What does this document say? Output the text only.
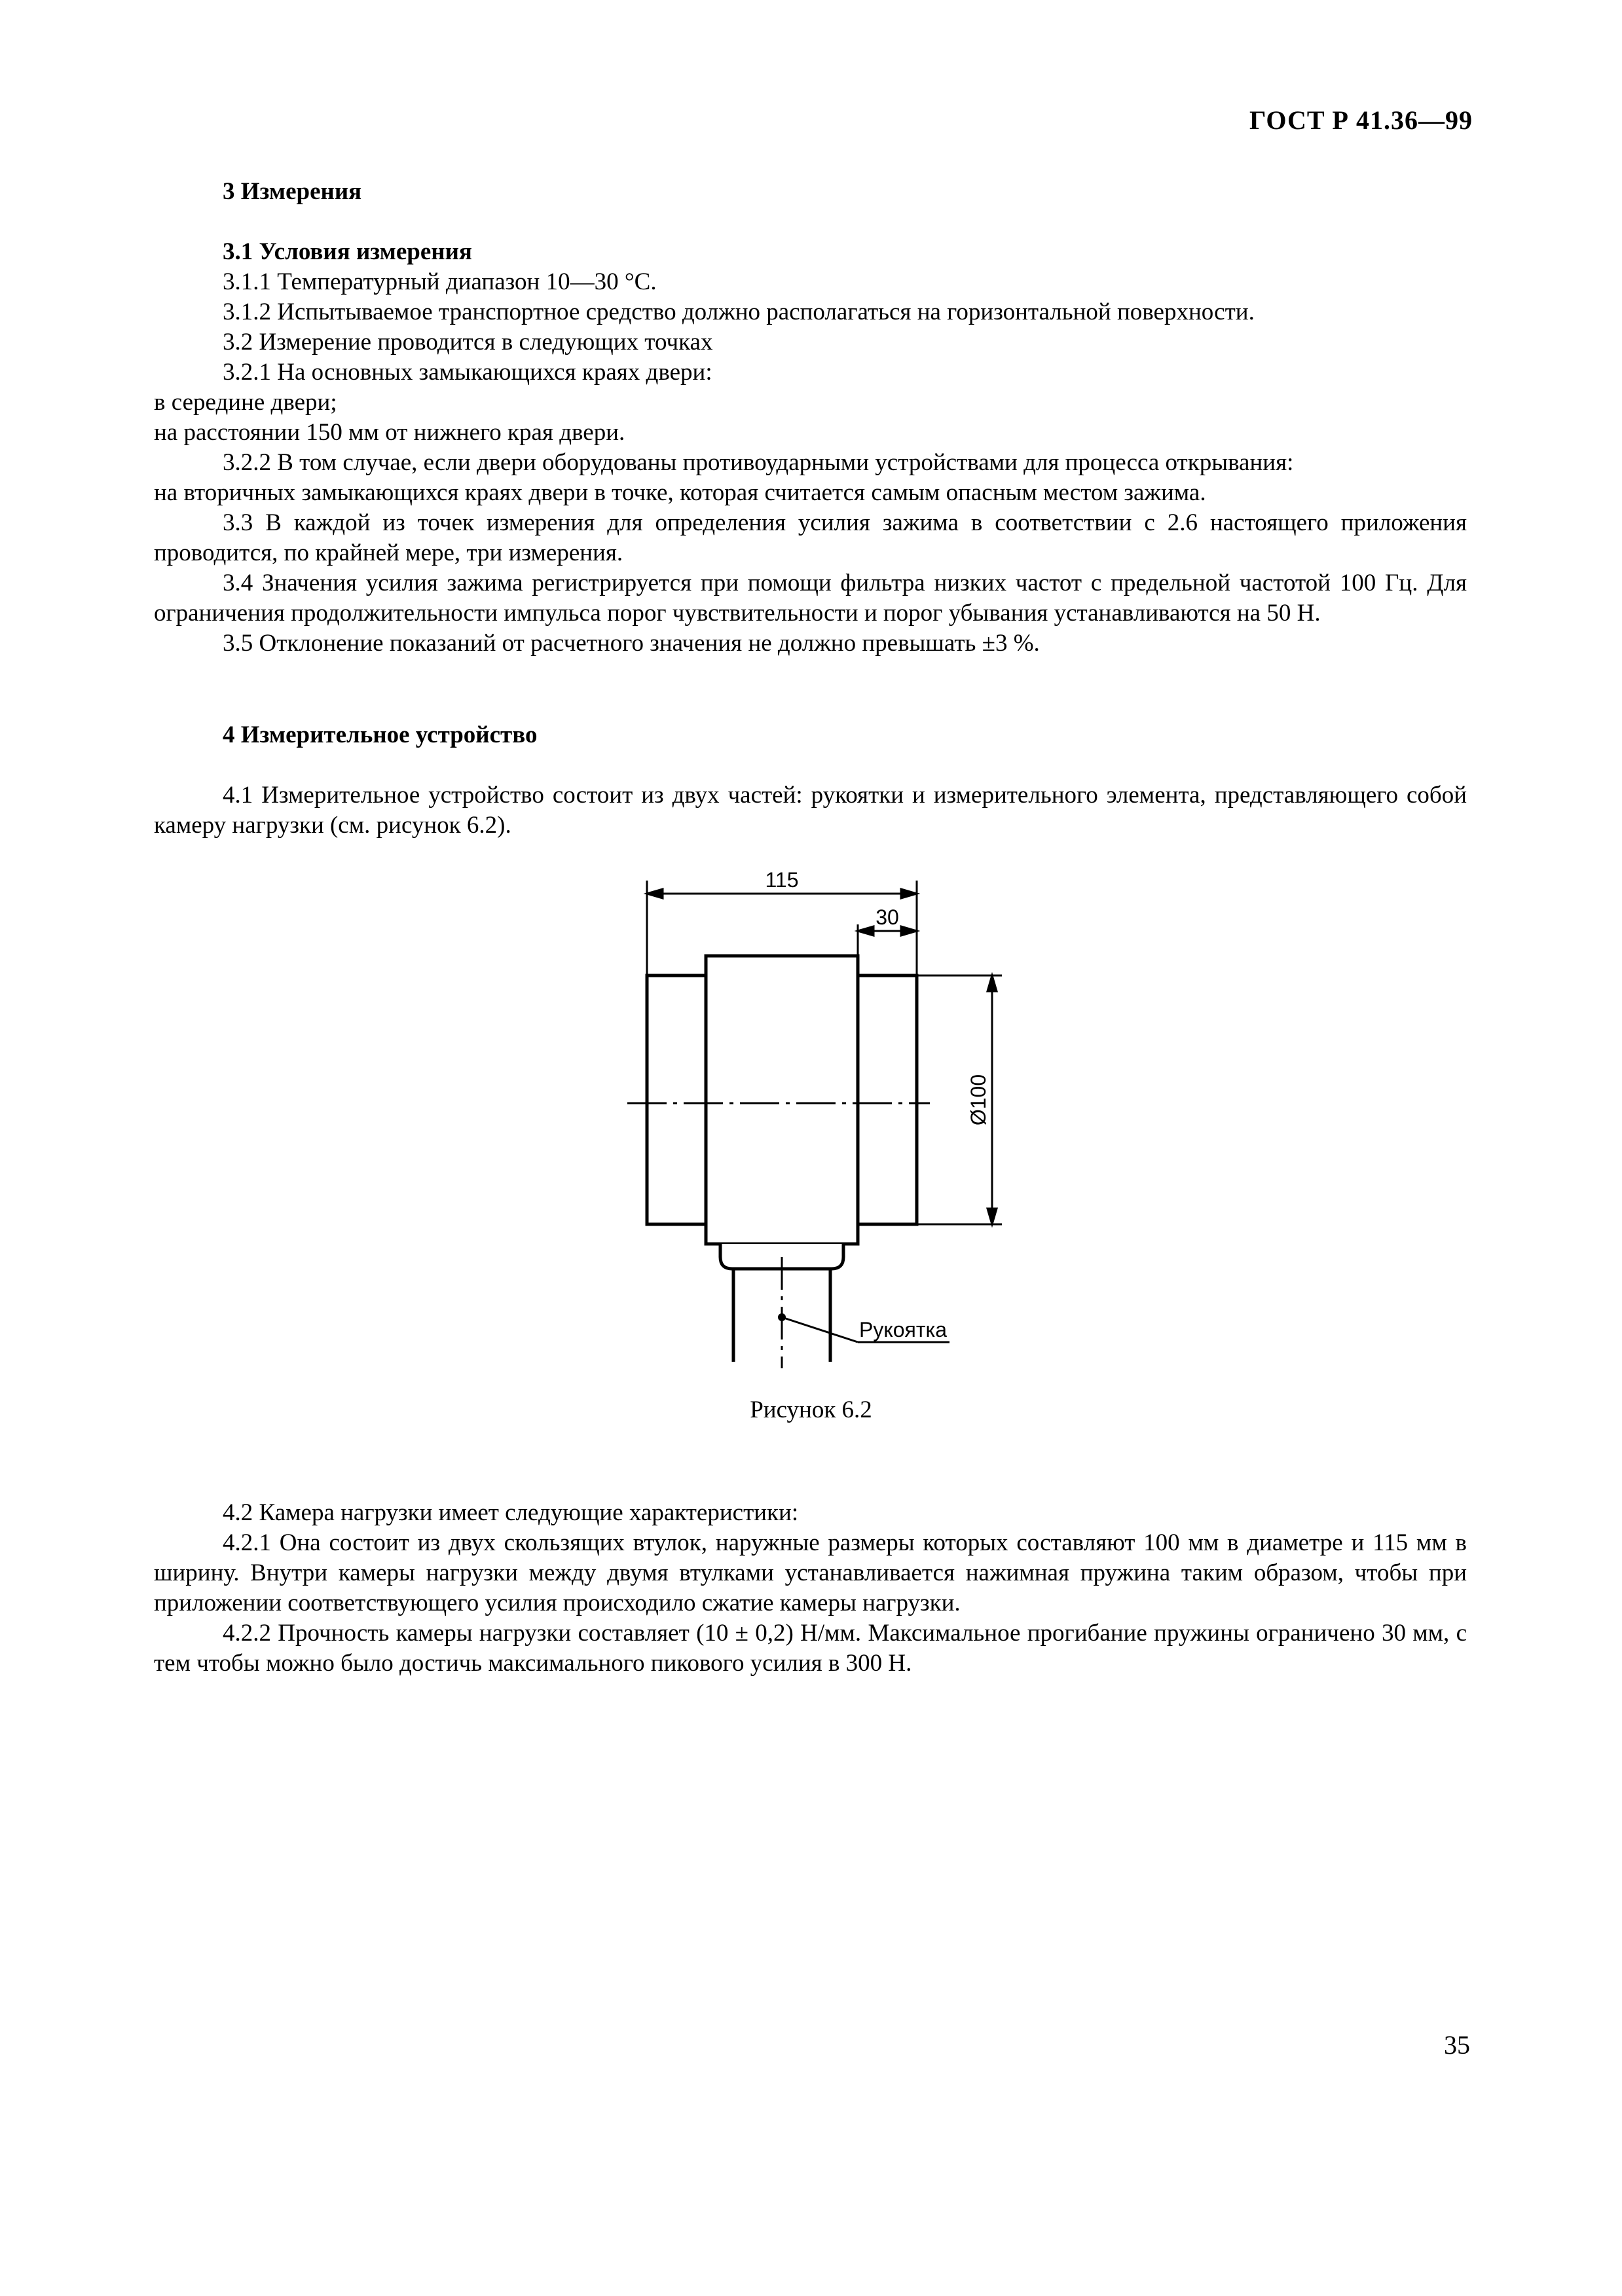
ГОСТ Р 41.36—99

3 Измерения

3.1 Условия измерения

3.1.1 Температурный диапазон 10—30 °С.

3.1.2 Испытываемое транспортное средство должно располагаться на горизонтальной поверхности.

3.2 Измерение проводится в следующих точках

3.2.1 На основных замыкающихся краях двери:

в середине двери;

на расстоянии 150 мм от нижнего края двери.

3.2.2 В том случае, если двери оборудованы противоударными устройствами для процесса открывания:

на вторичных замыкающихся краях двери в точке, которая считается самым опасным местом зажима.

3.3 В каждой из точек измерения для определения усилия зажима в соответствии с 2.6 настоящего приложения проводится, по крайней мере, три измерения.

3.4 Значения усилия зажима регистрируется при помощи фильтра низких частот с предельной частотой 100 Гц. Для ограничения продолжительности импульса порог чувствительности и порог убывания устанавливаются на 50 Н.

3.5 Отклонение показаний от расчетного значения не должно превышать ±3 %.

4 Измерительное устройство

4.1 Измерительное устройство состоит из двух частей: рукоятки и измерительного элемента, представляющего собой камеру нагрузки (см. рисунок 6.2).

115
30
Ø100
Рукоятка
Рисунок 6.2

4.2 Камера нагрузки имеет следующие характеристики:

4.2.1 Она состоит из двух скользящих втулок, наружные размеры которых составляют 100 мм в диаметре и 115 мм в ширину. Внутри камеры нагрузки между двумя втулками устанавливается нажимная пружина таким образом, чтобы при приложении соответствующего усилия происходило сжатие камеры нагрузки.

4.2.2 Прочность камеры нагрузки составляет (10 ± 0,2) Н/мм. Максимальное прогибание пружины ограничено 30 мм, с тем чтобы можно было достичь максимального пикового усилия в 300 Н.

35
